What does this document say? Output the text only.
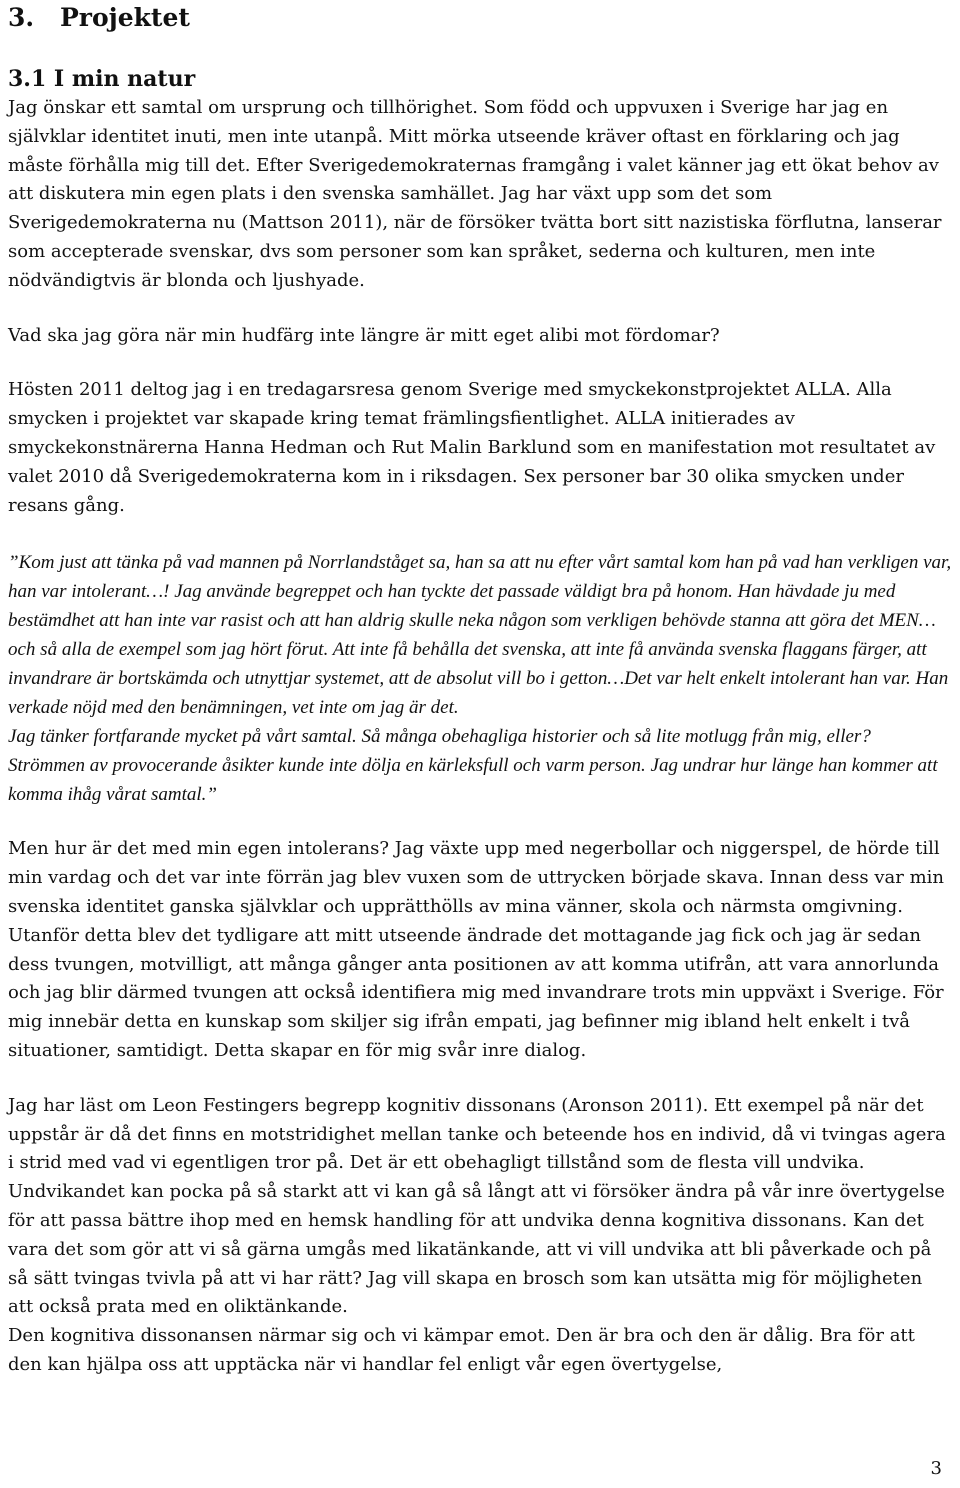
3. Projektet
3.1 I min natur

Jag önskar ett samtal om ursprung och tillhörighet. Som född och uppvuxen i Sverige har jag en självklar identitet inuti, men inte utanpå. Mitt mörka utseende kräver oftast en förklaring och jag måste förhålla mig till det. Efter Sverigedemokraternas framgång i valet känner jag ett ökat behov av att diskutera min egen plats i den svenska samhället. Jag har växt upp som det som Sverigedemokraterna nu (Mattson 2011), när de försöker tvätta bort sitt nazistiska förflutna, lanserar som accepterade svenskar, dvs som personer som kan språket, sederna och kulturen, men inte nödvändigtvis är blonda och ljushyade.

Vad ska jag göra när min hudfärg inte längre är mitt eget alibi mot fördomar?

Hösten 2011 deltog jag i en tredagarsresa genom Sverige med smyckekonstprojektet ALLA. Alla smycken i projektet var skapade kring temat främlingsfientlighet. ALLA initierades av smyckekonstnärerna Hanna Hedman och Rut Malin Barklund som en manifestation mot resultatet av valet 2010 då Sverigedemokraterna kom in i riksdagen. Sex personer bar 30 olika smycken under resans gång.

”Kom just att tänka på vad mannen på Norrlandståget sa, han sa att nu efter vårt samtal kom han på vad han verkligen var, han var intolerant…! Jag använde begreppet och han tyckte det passade väldigt bra på honom. Han hävdade ju med bestämdhet att han inte var rasist och att han aldrig skulle neka någon som verkligen behövde stanna att göra det MEN…och så alla de exempel som jag hört förut. Att inte få behålla det svenska, att inte få använda svenska flaggans färger, att invandrare är bortskämda och utnyttjar systemet, att de absolut vill bo i getton…Det var helt enkelt intolerant han var. Han verkade nöjd med den benämningen, vet inte om jag är det.

Jag tänker fortfarande mycket på vårt samtal. Så många obehagliga historier och så lite motlugg från mig, eller? Strömmen av provocerande åsikter kunde inte dölja en kärleksfull och varm person. Jag undrar hur länge han kommer att komma ihåg vårat samtal.”

Men hur är det med min egen intolerans? Jag växte upp med negerbollar och niggerspel, de hörde till min vardag och det var inte förrän jag blev vuxen som de uttrycken började skava. Innan dess var min svenska identitet ganska självklar och upprätthölls av mina vänner, skola och närmsta omgivning. Utanför detta blev det tydligare att mitt utseende ändrade det mottagande jag fick och jag är sedan dess tvungen, motvilligt, att många gånger anta positionen av att komma utifrån, att vara annorlunda och jag blir därmed tvungen att också identifiera mig med invandrare trots min uppväxt i Sverige. För mig innebär detta en kunskap som skiljer sig ifrån empati, jag befinner mig ibland helt enkelt i två situationer, samtidigt. Detta skapar en för mig svår inre dialog.

Jag har läst om Leon Festingers begrepp kognitiv dissonans (Aronson 2011). Ett exempel på när det uppstår är då det finns en motstridighet mellan tanke och beteende hos en individ, då vi tvingas agera i strid med vad vi egentligen tror på. Det är ett obehagligt tillstånd som de flesta vill undvika. Undvikandet kan pocka på så starkt att vi kan gå så långt att vi försöker ändra på vår inre övertygelse för att passa bättre ihop med en hemsk handling för att undvika denna kognitiva dissonans. Kan det vara det som gör att vi så gärna umgås med likatänkande, att vi vill undvika att bli påverkade och på så sätt tvingas tvivla på att vi har rätt? Jag vill skapa en brosch som kan utsätta mig för möjligheten att också prata med en oliktänkande.

Den kognitiva dissonansen närmar sig och vi kämpar emot. Den är bra och den är dålig. Bra för att den kan hjälpa oss att upptäcka när vi handlar fel enligt vår egen övertygelse,

3
